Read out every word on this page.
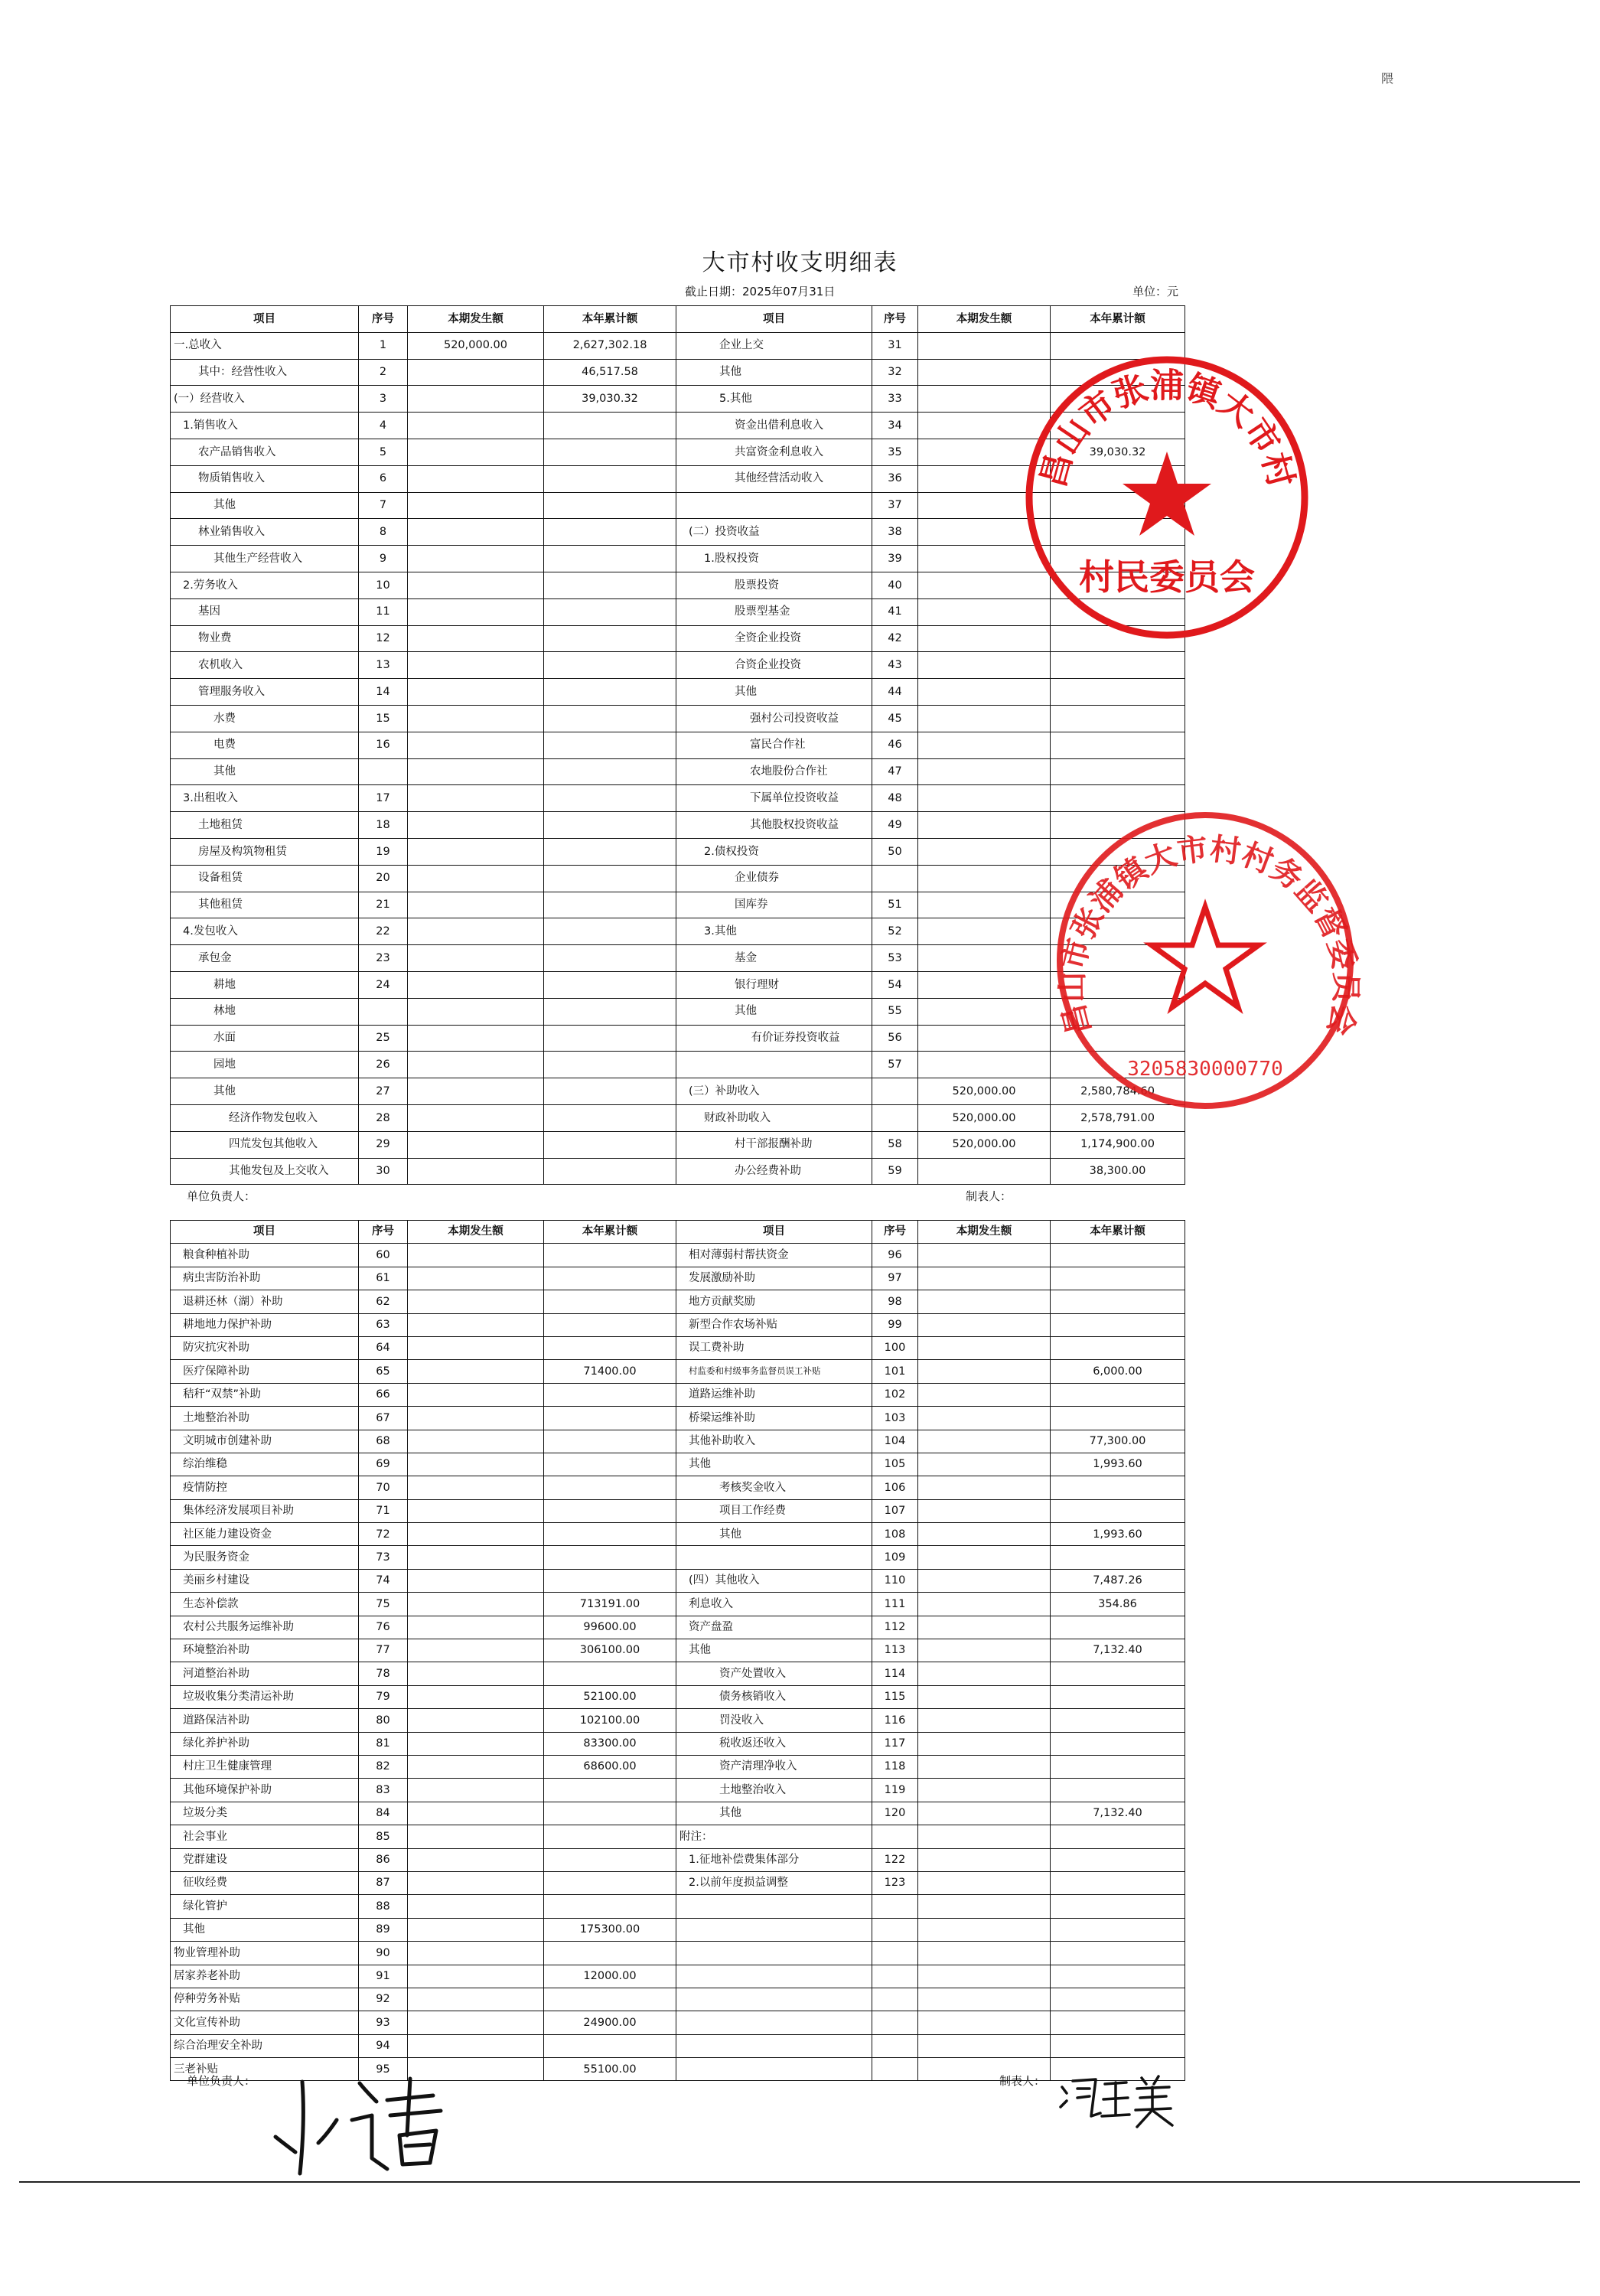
大市村收支明细表
截止日期：2025年07月31日	单位：元
隈
项目	序号	本期发生额	本年累计额	项目	序号	本期发生额	本年累计额
一.总收入	1	520,000.00	2,627,302.18	企业上交	31		
其中：经营性收入	2		46,517.58	其他	32		
(一）经营收入	3		39,030.32	5.其他	33		
1.销售收入	4			资金出借利息收入	34		
农产品销售收入	5			共富资金利息收入	35		39,030.32
物质销售收入	6			其他经营活动收入	36		
其他	7				37		
林业销售收入	8			(二）投资收益	38		
其他生产经营收入	9			1.股权投资	39		
2.劳务收入	10			股票投资	40		
基因	11			股票型基金	41		
物业费	12			全资企业投资	42		
农机收入	13			合资企业投资	43		
管理服务收入	14			其他	44		
水费	15			强村公司投资收益	45		
电费	16			富民合作社	46		
其他				农地股份合作社	47		
3.出租收入	17			下属单位投资收益	48		
土地租赁	18			其他股权投资收益	49		
房屋及构筑物租赁	19			2.债权投资	50		
设备租赁	20			企业债券			
其他租赁	21			国库券	51		
4.发包收入	22			3.其他	52		
承包金	23			基金	53		
耕地	24			银行理财	54		
林地				其他	55		
水面	25			有价证券投资收益	56		
园地	26				57		
其他	27			(三）补助收入		520,000.00	2,580,784.60
经济作物发包收入	28			财政补助收入		520,000.00	2,578,791.00
四荒发包其他收入	29			村干部报酬补助	58	520,000.00	1,174,900.00
其他发包及上交收入	30			办公经费补助	59		38,300.00
单位负责人：	制表人：
项目	序号	本期发生额	本年累计额	项目	序号	本期发生额	本年累计额
粮食种植补助	60			相对薄弱村帮扶资金	96		
病虫害防治补助	61			发展激励补助	97		
退耕还林（湖）补助	62			地方贡献奖励	98		
耕地地力保护补助	63			新型合作农场补贴	99		
防灾抗灾补助	64			误工费补助	100		
医疗保障补助	65		71400.00	村监委和村级事务监督员误工补贴	101		6,000.00
秸秆“双禁”补助	66			道路运维补助	102		
土地整治补助	67			桥梁运维补助	103		
文明城市创建补助	68			其他补助收入	104		77,300.00
综治维稳	69			其他	105		1,993.60
疫情防控	70			考核奖金收入	106		
集体经济发展项目补助	71			项目工作经费	107		
社区能力建设资金	72			其他	108		1,993.60
为民服务资金	73				109		
美丽乡村建设	74			(四）其他收入	110		7,487.26
生态补偿款	75		713191.00	利息收入	111		354.86
农村公共服务运维补助	76		99600.00	资产盘盈	112		
环境整治补助	77		306100.00	其他	113		7,132.40
河道整治补助	78			资产处置收入	114		
垃圾收集分类清运补助	79		52100.00	债务核销收入	115		
道路保洁补助	80		102100.00	罚没收入	116		
绿化养护补助	81		83300.00	税收返还收入	117		
村庄卫生健康管理	82		68600.00	资产清理净收入	118		
其他环境保护补助	83			土地整治收入	119		
垃圾分类	84			其他	120		7,132.40
社会事业	85			附注：			
党群建设	86			1.征地补偿费集体部分	122		
征收经费	87			2.以前年度损益调整	123		
绿化管护	88						
其他	89		175300.00				
物业管理补助	90						
居家养老补助	91		12000.00				
停种劳务补贴	92						
文化宣传补助	93		24900.00				
综合治理安全补助	94						
三老补贴	95		55100.00				
单位负责人：	制表人：
昌山市张浦镇大市村
村民委员会
昌山市张浦镇大市村村务监督委员会
3205830000770
